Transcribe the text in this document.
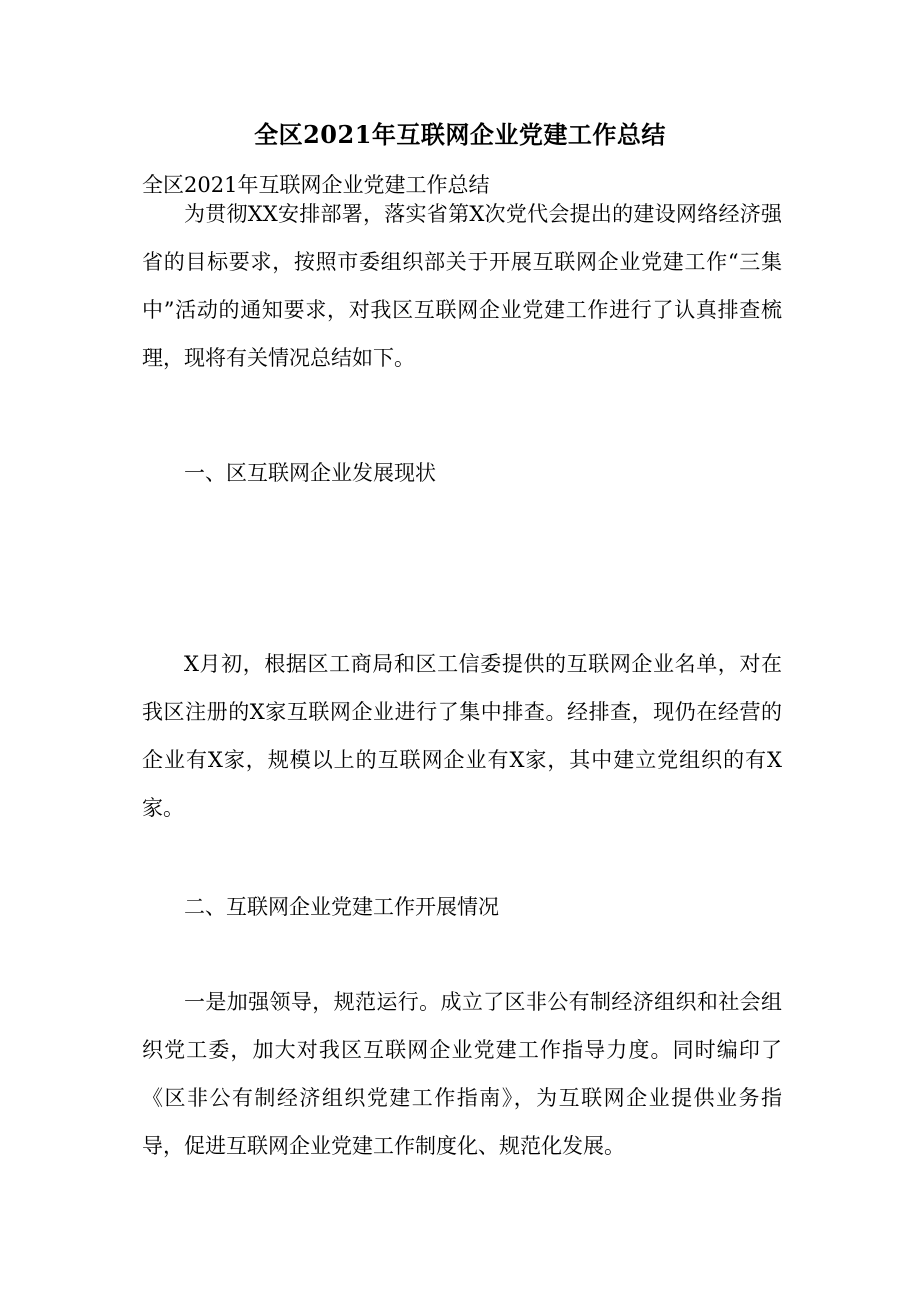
全区2021年互联网企业党建工作总结
全区2021年互联网企业党建工作总结

为贯彻XX安排部署，落实省第X次党代会提出的建设网络经济强省的目标要求，按照市委组织部关于开展互联网企业党建工作“三集中”活动的通知要求，对我区互联网企业党建工作进行了认真排查梳理，现将有关情况总结如下。

一、区互联网企业发展现状

X月初，根据区工商局和区工信委提供的互联网企业名单，对在我区注册的X家互联网企业进行了集中排查。经排查，现仍在经营的企业有X家，规模以上的互联网企业有X家，其中建立党组织的有X家。

二、互联网企业党建工作开展情况

一是加强领导，规范运行。成立了区非公有制经济组织和社会组织党工委，加大对我区互联网企业党建工作指导力度。同时编印了《区非公有制经济组织党建工作指南》，为互联网企业提供业务指导，促进互联网企业党建工作制度化、规范化发展。
